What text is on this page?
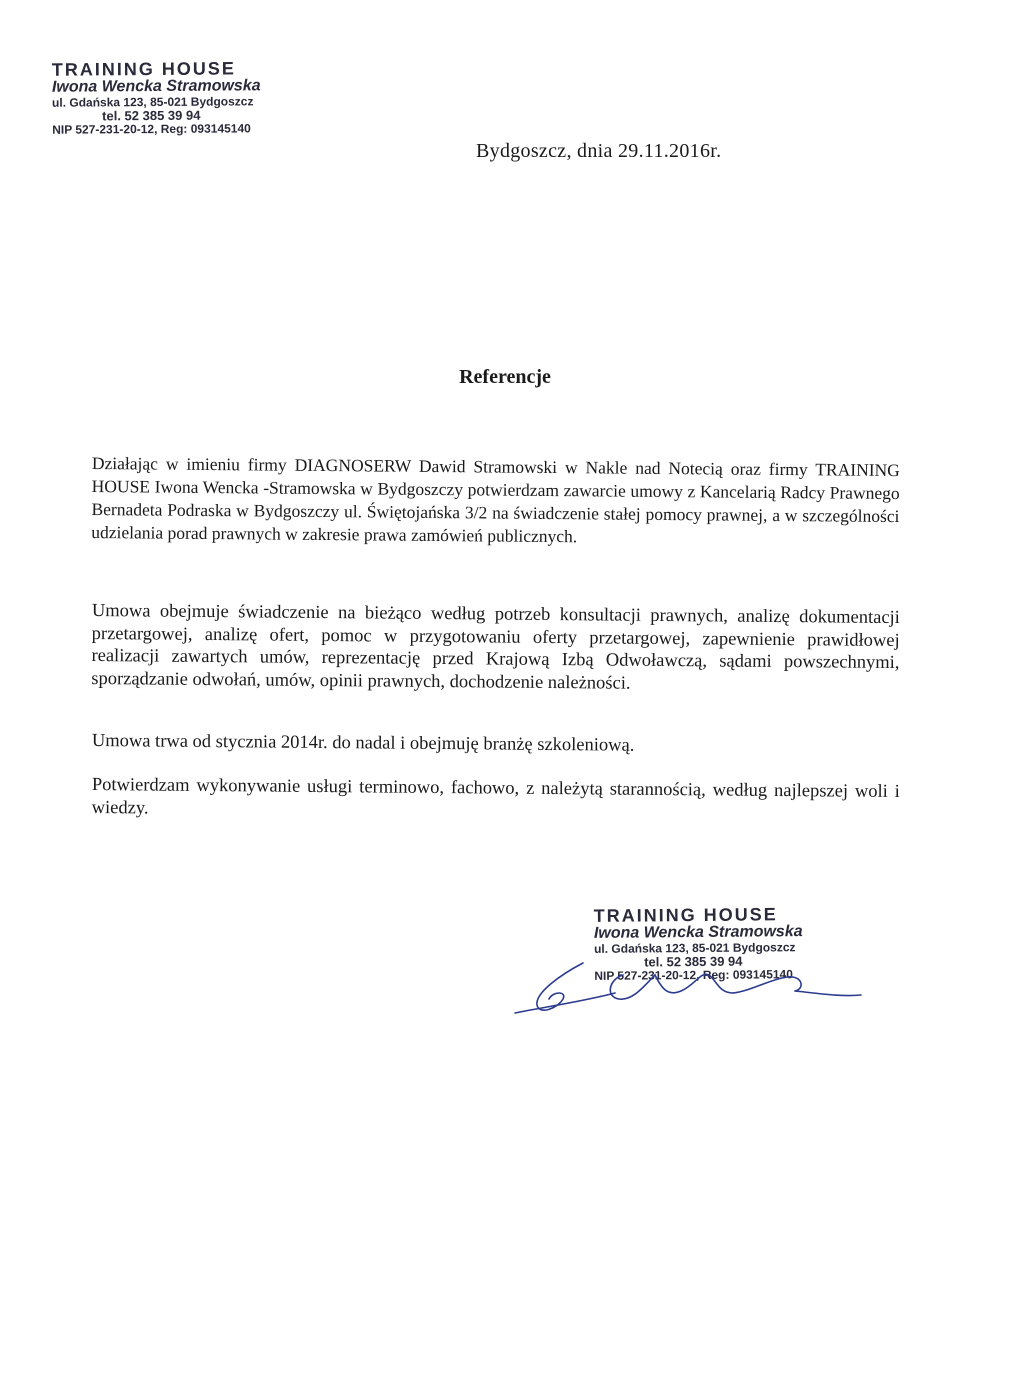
TRAINING HOUSE
Iwona Wencka Stramowska
ul. Gdańska 123, 85-021 Bydgoszcz
tel. 52 385 39 94
NIP 527-231-20-12, Reg: 093145140
Bydgoszcz, dnia 29.11.2016r.
Referencje

Działając w imieniu firmy DIAGNOSERW Dawid Stramowski w Nakle nad Notecią oraz firmy TRAINING HOUSE Iwona Wencka -Stramowska w Bydgoszczy potwierdzam zawarcie umowy z Kancelarią Radcy Prawnego Bernadeta Podraska w Bydgoszczy ul. Świętojańska 3/2 na świadczenie stałej pomocy prawnej, a w szczególności udzielania porad prawnych w zakresie prawa zamówień publicznych.

Umowa obejmuje świadczenie na bieżąco według potrzeb konsultacji prawnych, analizę dokumentacji przetargowej, analizę ofert, pomoc w przygotowaniu oferty przetargowej, zapewnienie prawidłowej realizacji zawartych umów, reprezentację przed Krajową Izbą Odwoławczą, sądami powszechnymi, sporządzanie odwołań, umów, opinii prawnych, dochodzenie należności.

Umowa trwa od stycznia 2014r. do nadal i obejmuję branżę szkoleniową.

Potwierdzam wykonywanie usługi terminowo, fachowo, z należytą starannością, według najlepszej woli i wiedzy.

TRAINING HOUSE
Iwona Wencka Stramowska
ul. Gdańska 123, 85-021 Bydgoszcz
tel. 52 385 39 94
NIP 527-231-20-12, Reg: 093145140
